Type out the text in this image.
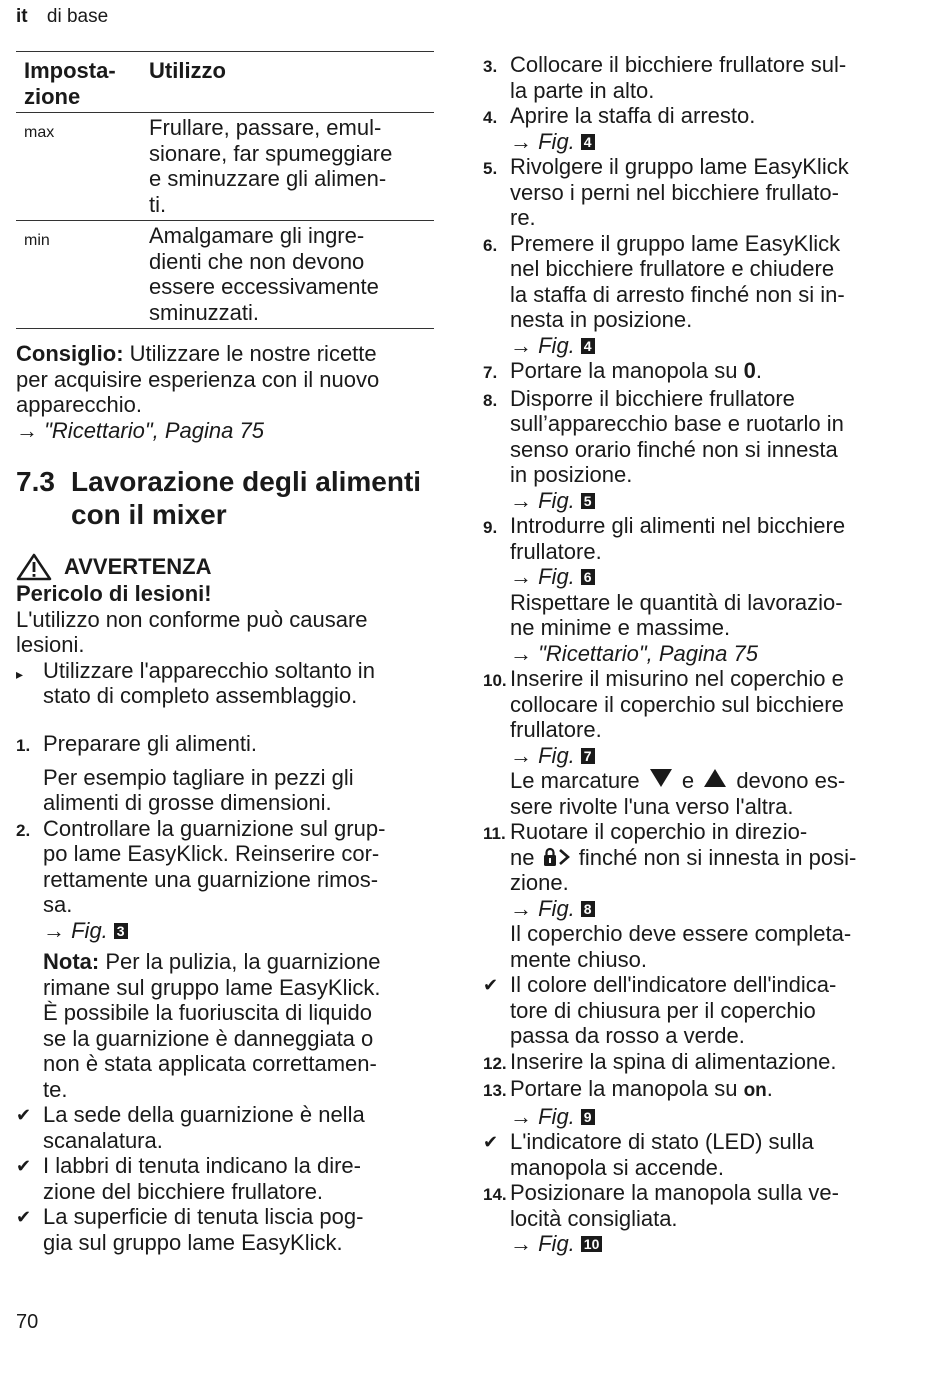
it di base
Imposta-
zione
Utilizzo
max	Frullare, passare, emul-
sionare, far spumeggiare
e sminuzzare gli alimen-
ti.
min	Amalgamare gli ingre-
dienti che non devono
essere eccessivamente
sminuzzati.
Consiglio: Utilizzare le nostre ricette
per acquisire esperienza con il nuovo
apparecchio.
→ "Ricettario", Pagina 75
7.3 Lavorazione degli alimenti
con il mixer
AVVERTENZA
Pericolo di lesioni!
L'utilizzo non conforme può causare
lesioni.
▸ Utilizzare l'apparecchio soltanto in
stato di completo assemblaggio.
1. Preparare gli alimenti.
Per esempio tagliare in pezzi gli
alimenti di grosse dimensioni.
2. Controllare la guarnizione sul grup-
po lame EasyKlick. Reinserire cor-
rettamente una guarnizione rimos-
sa.
→ Fig. 3
Nota: Per la pulizia, la guarnizione
rimane sul gruppo lame EasyKlick.
È possibile la fuoriuscita di liquido
se la guarnizione è danneggiata o
non è stata applicata correttamen-
te.
✔ La sede della guarnizione è nella
scanalatura.
✔ I labbri di tenuta indicano la dire-
zione del bicchiere frullatore.
✔ La superficie di tenuta liscia pog-
gia sul gruppo lame EasyKlick.
3. Collocare il bicchiere frullatore sul-
la parte in alto.
4. Aprire la staffa di arresto.
→ Fig. 4
5. Rivolgere il gruppo lame EasyKlick
verso i perni nel bicchiere frullato-
re.
6. Premere il gruppo lame EasyKlick
nel bicchiere frullatore e chiudere
la staffa di arresto finché non si in-
nesta in posizione.
→ Fig. 4
7. Portare la manopola su 0.
8. Disporre il bicchiere frullatore
sull’apparecchio base e ruotarlo in
senso orario finché non si innesta
in posizione.
→ Fig. 5
9. Introdurre gli alimenti nel bicchiere
frullatore.
→ Fig. 6
Rispettare le quantità di lavorazio-
ne minime e massime.
→ "Ricettario", Pagina 75
10. Inserire il misurino nel coperchio e
collocare il coperchio sul bicchiere
frullatore.
→ Fig. 7
Le marcature  e  devono es-
sere rivolte l'una verso l'altra.
11. Ruotare il coperchio in direzio-
ne  finché non si innesta in posi-
zione.
→ Fig. 8
Il coperchio deve essere completa-
mente chiuso.
✔ Il colore dell'indicatore dell'indica-
tore di chiusura per il coperchio
passa da rosso a verde.
12. Inserire la spina di alimentazione.
13. Portare la manopola su on.
→ Fig. 9
✔ L'indicatore di stato (LED) sulla
manopola si accende.
14. Posizionare la manopola sulla ve-
locità consigliata.
→ Fig. 10
70
